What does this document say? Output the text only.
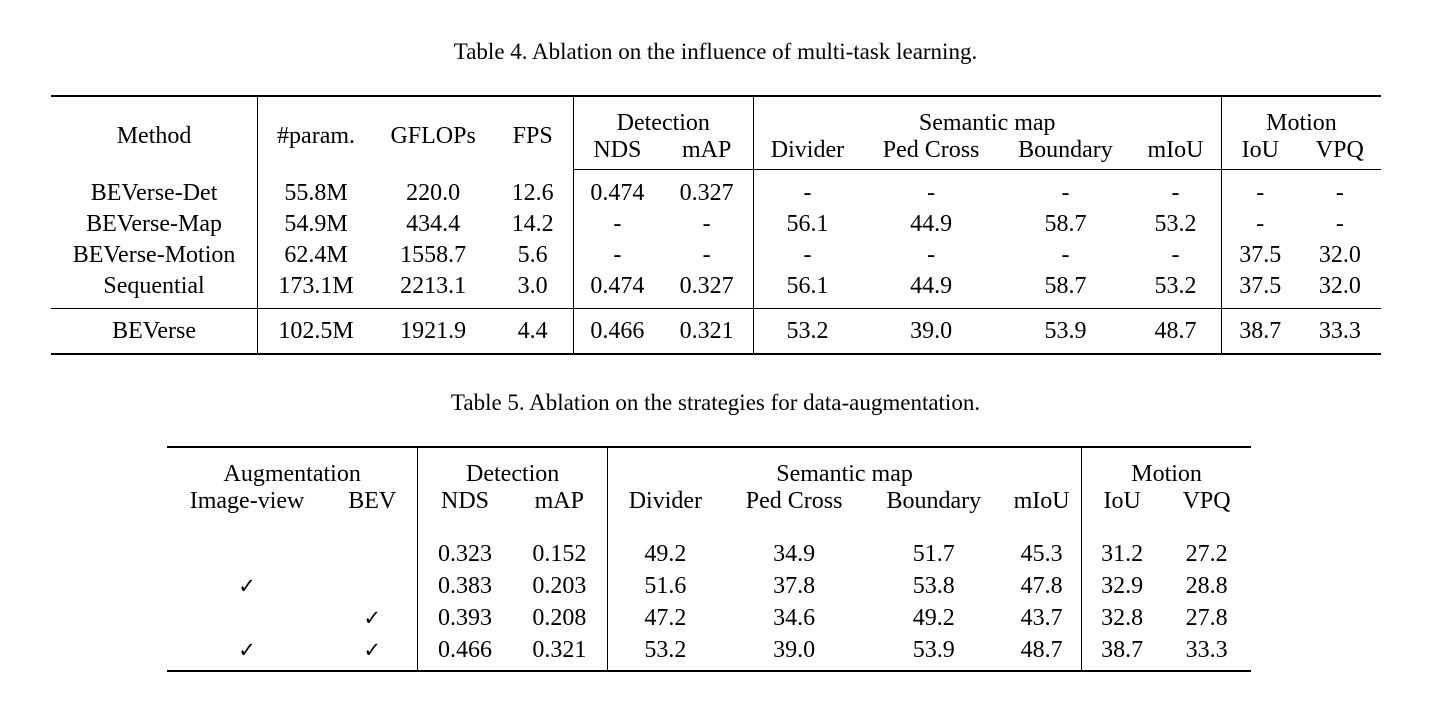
Table 4. Ablation on the influence of multi-task learning.
Method	#param.	GFLOPs	FPS	Detection		Semantic map				Motion	
				NDS	mAP	Divider	Ped Cross	Boundary	mIoU	IoU	VPQ
BEVerse-Det	55.8M	220.0	12.6	0.474	0.327	-	-	-	-	-	-
BEVerse-Map	54.9M	434.4	14.2	-	-	56.1	44.9	58.7	53.2	-	-
BEVerse-Motion	62.4M	1558.7	5.6	-	-	-	-	-	-	37.5	32.0
Sequential	173.1M	2213.1	3.0	0.474	0.327	56.1	44.9	58.7	53.2	37.5	32.0
BEVerse	102.5M	1921.9	4.4	0.466	0.321	53.2	39.0	53.9	48.7	38.7	33.3
Table 5. Ablation on the strategies for data-augmentation.
Augmentation		Detection		Semantic map				Motion	
Image-view	BEV	NDS	mAP	Divider	Ped Cross	Boundary	mIoU	IoU	VPQ

		0.323	0.152	49.2	34.9	51.7	45.3	31.2	27.2
✓		0.383	0.203	51.6	37.8	53.8	47.8	32.9	28.8
	✓	0.393	0.208	47.2	34.6	49.2	43.7	32.8	27.8
✓	✓	0.466	0.321	53.2	39.0	53.9	48.7	38.7	33.3
